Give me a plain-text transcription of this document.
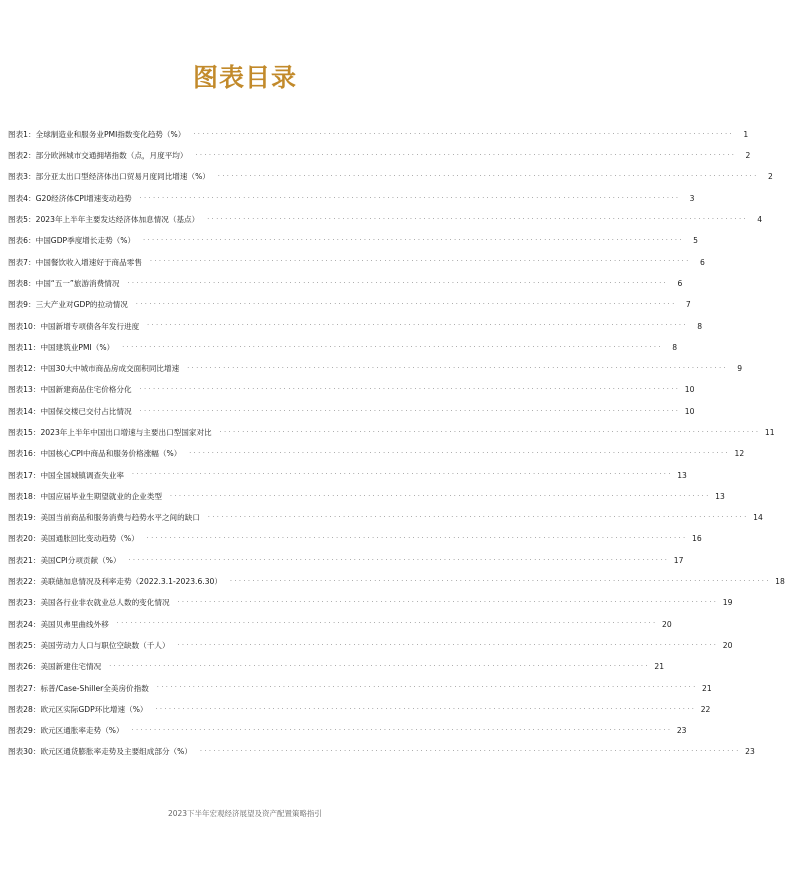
图表目录
图表1： 全球制造业和服务业PMI指数变化趋势（%） ························································································································	1
图表2： 部分欧洲城市交通拥堵指数（点，月度平均） ························································································································	2
图表3： 部分亚太出口型经济体出口贸易月度同比增速（%） ························································································································	2
图表4： G20经济体CPI增速变动趋势 ························································································································	3
图表5： 2023年上半年主要发达经济体加息情况（基点） ························································································································	4
图表6： 中国GDP季度增长走势（%） ························································································································	5
图表7： 中国餐饮收入增速好于商品零售 ························································································································	6
图表8： 中国“五一”旅游消费情况 ························································································································	6
图表9： 三大产业对GDP的拉动情况 ························································································································	7
图表10： 中国新增专项债各年发行进度 ························································································································	8
图表11： 中国建筑业PMI（%） ························································································································	8
图表12： 中国30大中城市商品房成交面积同比增速 ························································································································	9
图表13： 中国新建商品住宅价格分化 ························································································································ 10
图表14： 中国保交楼已交付占比情况 ························································································································ 10
图表15： 2023年上半年中国出口增速与主要出口型国家对比 ························································································································ 11
图表16： 中国核心CPI中商品和服务价格涨幅（%） ························································································································ 12
图表17： 中国全国城镇调查失业率 ························································································································ 13
图表18： 中国应届毕业生期望就业的企业类型 ························································································································ 13
图表19： 美国当前商品和服务消费与趋势水平之间的缺口 ························································································································ 14
图表20： 美国通胀回比变动趋势（%） ························································································································ 16
图表21： 美国CPI分项贡献（%） ························································································································ 17
图表22： 美联储加息情况及利率走势（2022.3.1-2023.6.30） ························································································································ 18
图表23： 美国各行业非农就业总人数的变化情况 ························································································································ 19
图表24： 美国贝弗里曲线外移 ························································································································ 20
图表25： 美国劳动力人口与职位空缺数（千人） ························································································································ 20
图表26： 美国新建住宅情况 ························································································································ 21
图表27： 标普/Case-Shiller全美房价指数 ························································································································ 21
图表28： 欧元区实际GDP环比增速（%） ························································································································ 22
图表29： 欧元区通胀率走势（%） ························································································································ 23
图表30： 欧元区通货膨胀率走势及主要组成部分（%） ························································································································ 23
2023下半年宏观经济展望及资产配置策略指引
